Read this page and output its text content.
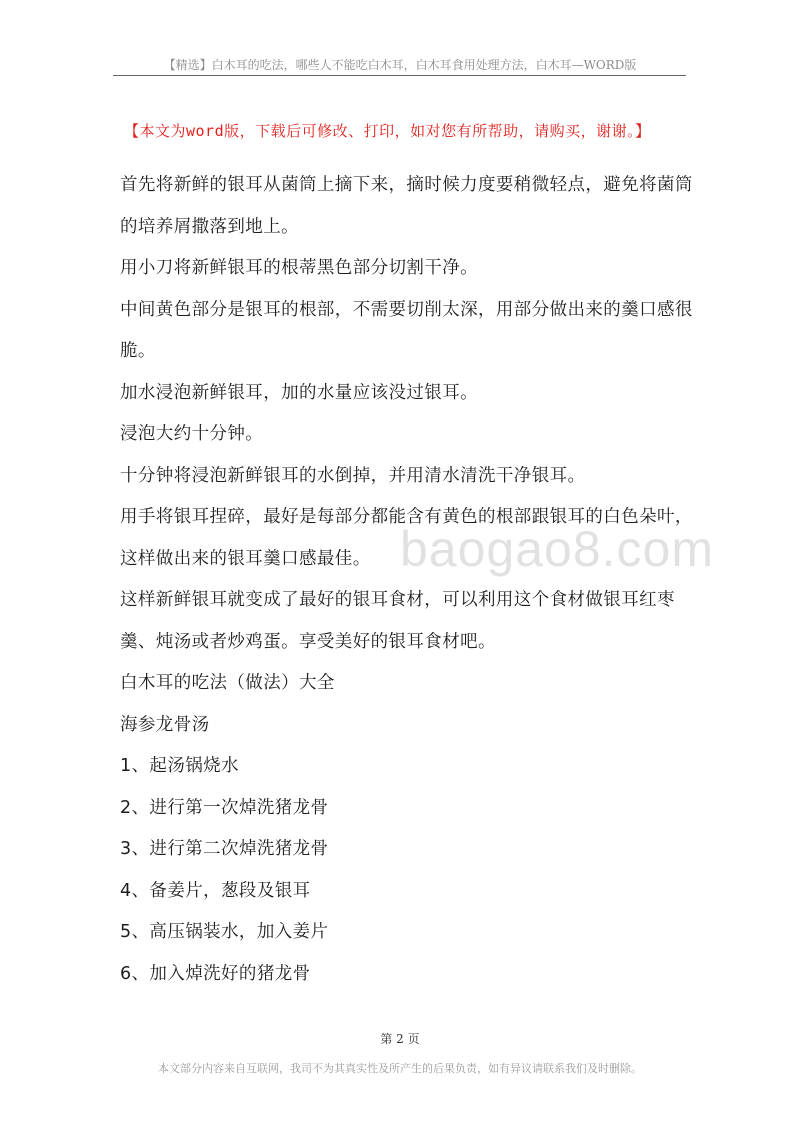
【精选】白木耳的吃法，哪些人不能吃白木耳，白木耳食用处理方法，白木耳—WORD版
【本文为word版，下载后可修改、打印，如对您有所帮助，请购买，谢谢。】

首先将新鲜的银耳从菌筒上摘下来，摘时候力度要稍微轻点，避免将菌筒的培养屑撒落到地上。

用小刀将新鲜银耳的根蒂黑色部分切割干净。

中间黄色部分是银耳的根部，不需要切削太深，用部分做出来的羹口感很脆。

加水浸泡新鲜银耳，加的水量应该没过银耳。

浸泡大约十分钟。

十分钟将浸泡新鲜银耳的水倒掉，并用清水清洗干净银耳。

用手将银耳捏碎，最好是每部分都能含有黄色的根部跟银耳的白色朵叶，这样做出来的银耳羹口感最佳。

这样新鲜银耳就变成了最好的银耳食材，可以利用这个食材做银耳红枣羹、炖汤或者炒鸡蛋。享受美好的银耳食材吧。

白木耳的吃法（做法）大全

海参龙骨汤

1、起汤锅烧水

2、进行第一次焯洗猪龙骨

3、进行第二次焯洗猪龙骨

4、备姜片，葱段及银耳

5、高压锅装水，加入姜片

6、加入焯洗好的猪龙骨

baogao8.com
第 2 页
本文部分内容来自互联网，我司不为其真实性及所产生的后果负责，如有异议请联系我们及时删除。
